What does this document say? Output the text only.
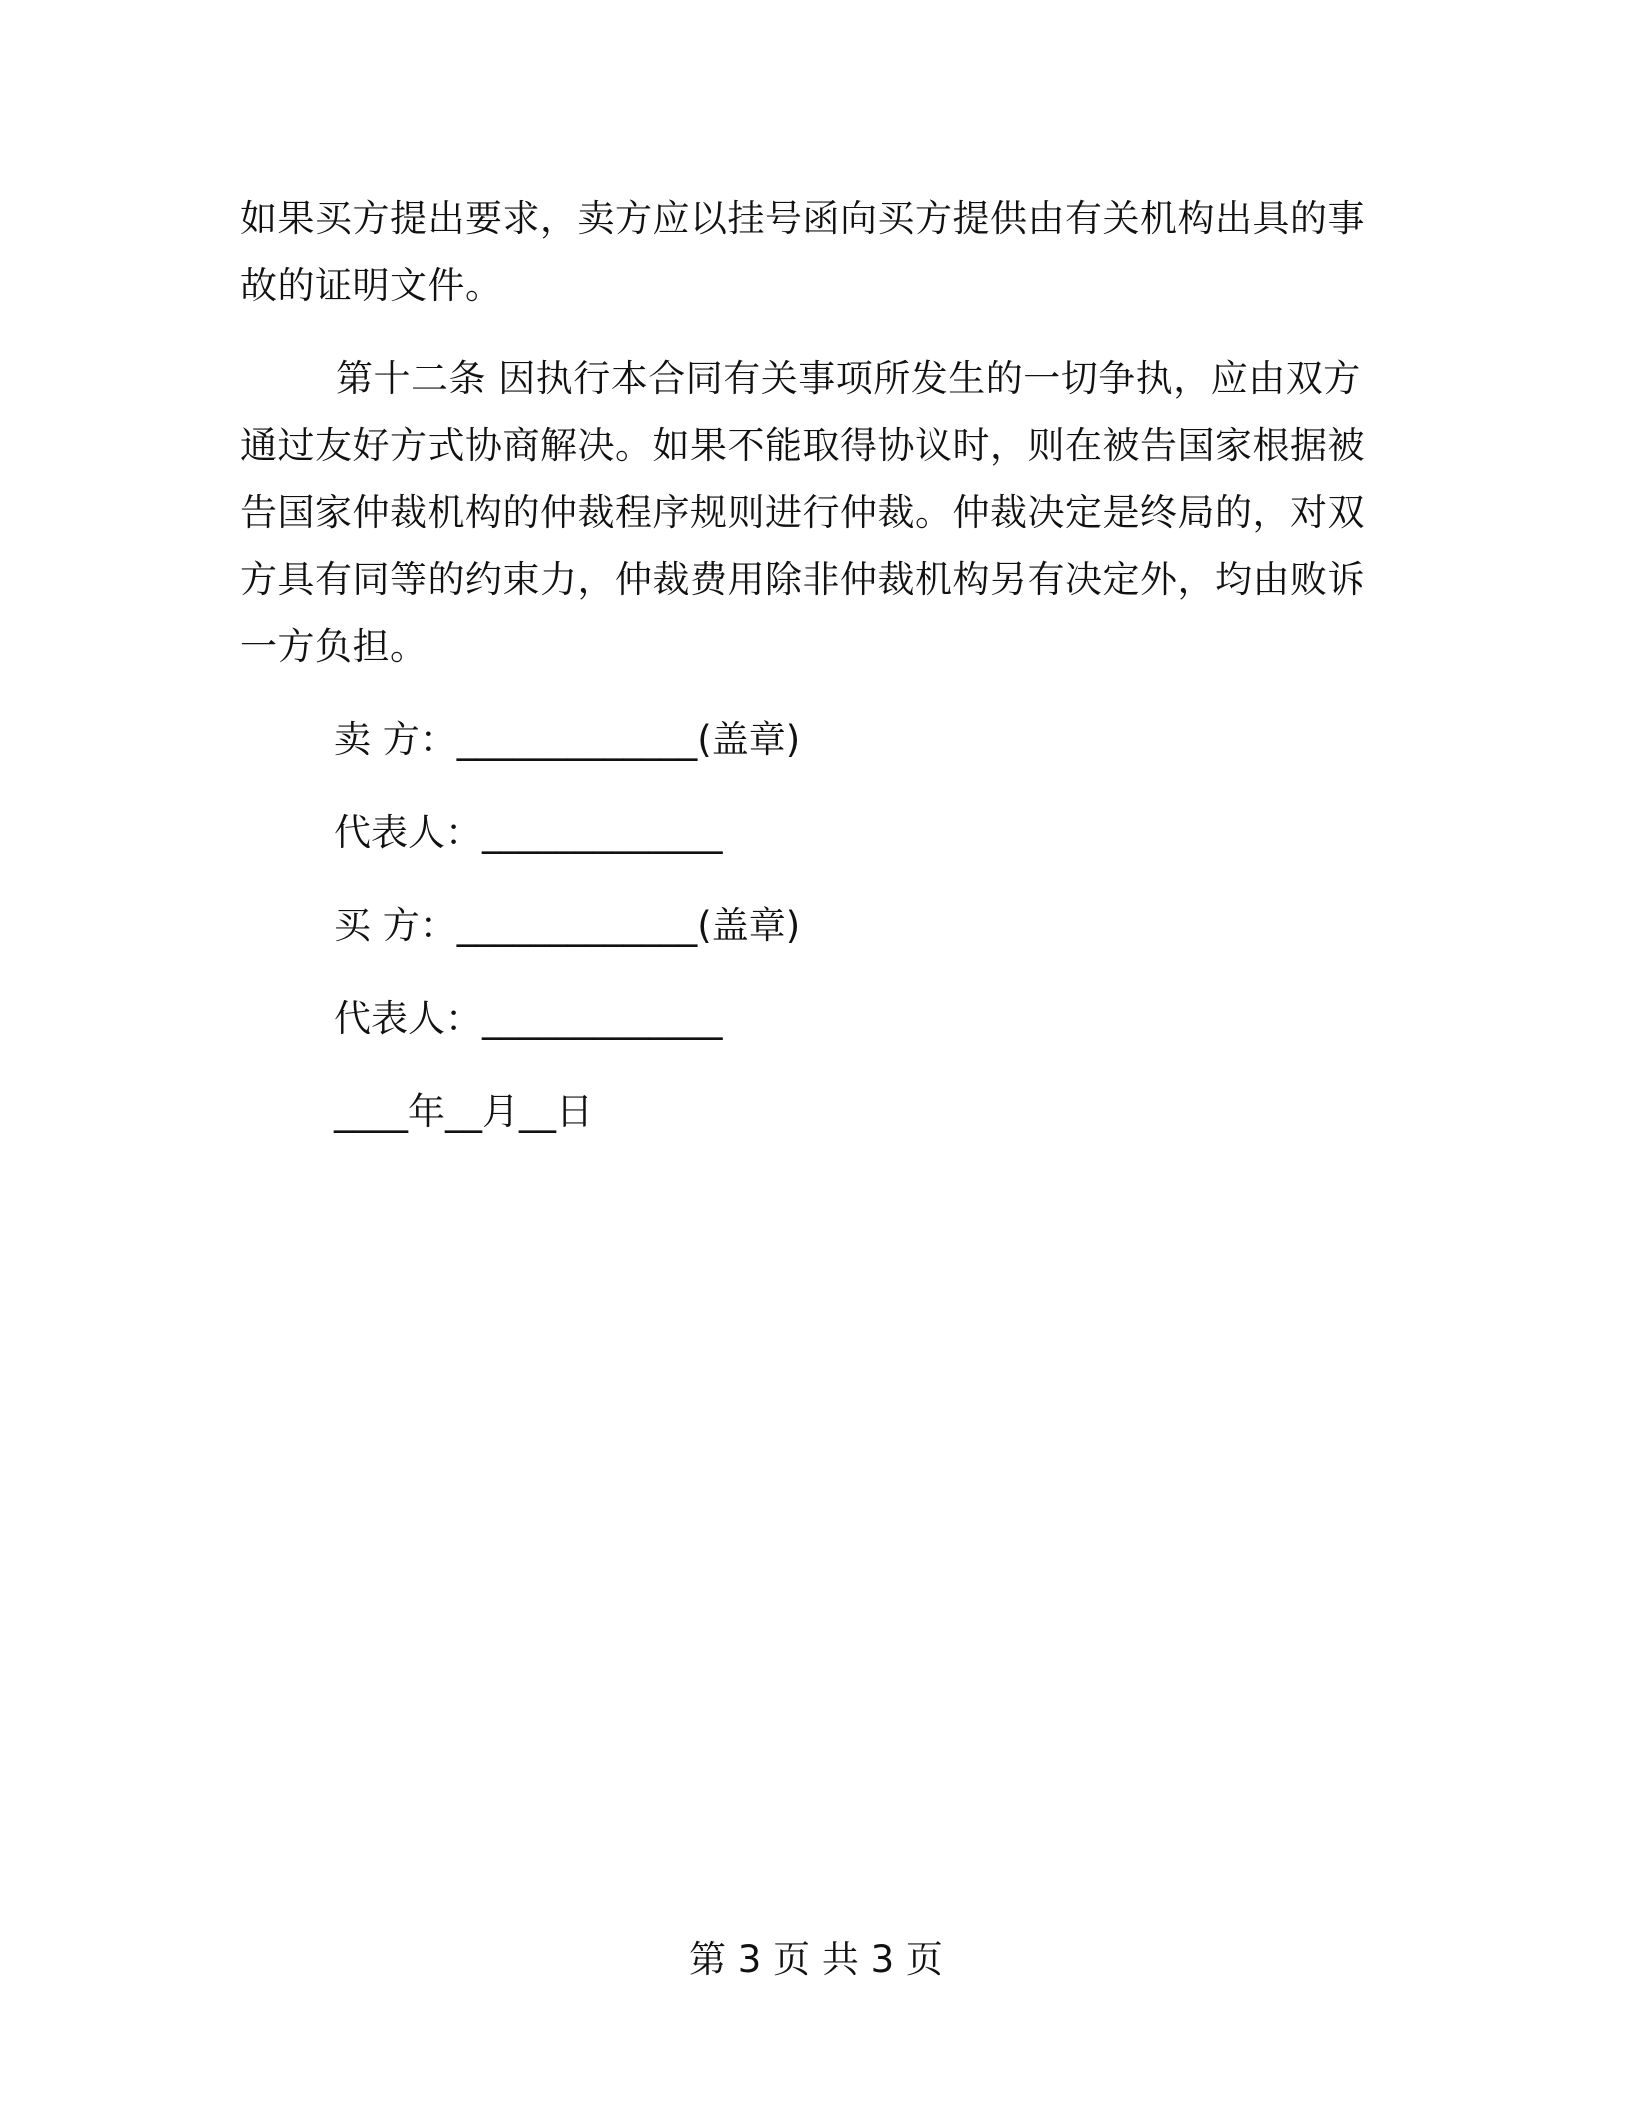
如果买方提出要求，卖方应以挂号函向买方提供由有关机构出具的事故的证明文件。
第十二条 因执行本合同有关事项所发生的一切争执，应由双方通过友好方式协商解决。如果不能取得协议时，则在被告国家根据被告国家仲裁机构的仲裁程序规则进行仲裁。仲裁决定是终局的，对双方具有同等的约束力，仲裁费用除非仲裁机构另有决定外，均由败诉一方负担。
卖 方：_____________(盖章)
代表人：_____________
买 方：_____________(盖章)
代表人：_____________
____年__月__日
第 3 页 共 3 页
